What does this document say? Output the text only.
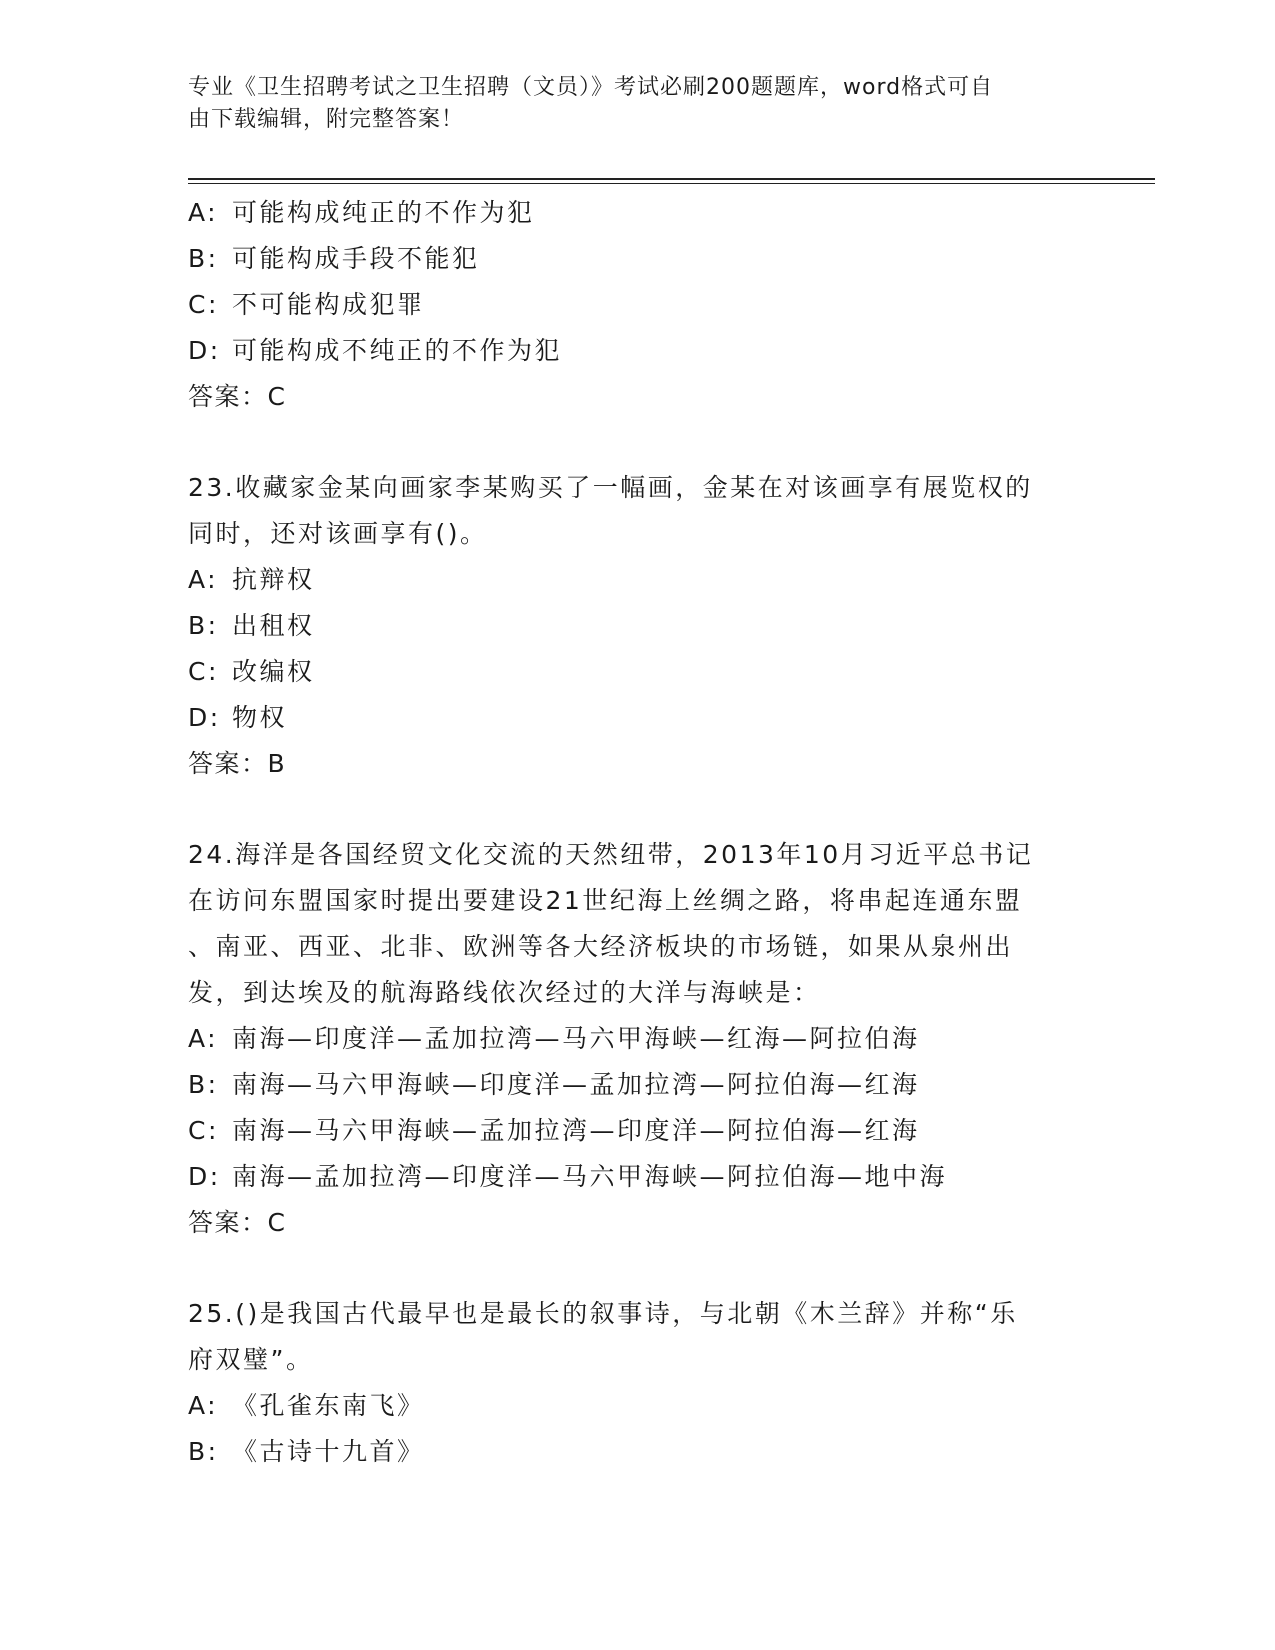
专业《卫生招聘考试之卫生招聘（文员）》考试必刷200题题库，word格式可自
由下载编辑，附完整答案！
A: 可能构成纯正的不作为犯
B: 可能构成手段不能犯
C: 不可能构成犯罪
D: 可能构成不纯正的不作为犯
答案：C
23.收藏家金某向画家李某购买了一幅画，金某在对该画享有展览权的
同时，还对该画享有()。
A: 抗辩权
B: 出租权
C: 改编权
D: 物权
答案：B
24.海洋是各国经贸文化交流的天然纽带，2013年10月习近平总书记
在访问东盟国家时提出要建设21世纪海上丝绸之路，将串起连通东盟
、南亚、西亚、北非、欧洲等各大经济板块的市场链，如果从泉州出
发，到达埃及的航海路线依次经过的大洋与海峡是：
A: 南海—印度洋—孟加拉湾—马六甲海峡—红海—阿拉伯海
B: 南海—马六甲海峡—印度洋—孟加拉湾—阿拉伯海—红海
C: 南海—马六甲海峡—孟加拉湾—印度洋—阿拉伯海—红海
D: 南海—孟加拉湾—印度洋—马六甲海峡—阿拉伯海—地中海
答案：C
25.()是我国古代最早也是最长的叙事诗，与北朝《木兰辞》并称“乐
府双璧”。
A: 《孔雀东南飞》
B: 《古诗十九首》
